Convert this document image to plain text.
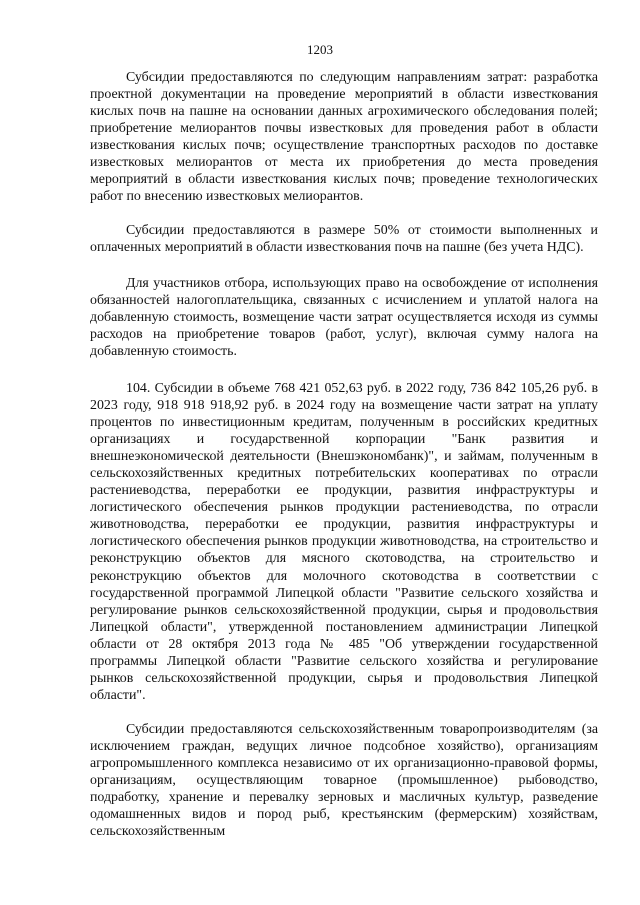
1203

Субсидии предоставляются по следующим направлениям затрат: разработка проектной документации на проведение мероприятий в области известкования кислых почв на пашне на основании данных агрохимического обследования полей; приобретение мелиорантов почвы известковых для проведения работ в области известкования кислых почв; осуществление транспортных расходов по доставке известковых мелиорантов от места их приобретения до места проведения мероприятий в области известкования кислых почв; проведение технологических работ по внесению известковых мелиорантов.

Субсидии предоставляются в размере 50% от стоимости выполненных и оплаченных мероприятий в области известкования почв на пашне (без учета НДС).

Для участников отбора, использующих право на освобождение от исполнения обязанностей налогоплательщика, связанных с исчислением и уплатой налога на добавленную стоимость, возмещение части затрат осуществляется исходя из суммы расходов на приобретение товаров (работ, услуг), включая сумму налога на добавленную стоимость.

104. Субсидии в объеме 768 421 052,63 руб. в 2022 году, 736 842 105,26 руб. в 2023 году, 918 918 918,92 руб. в 2024 году на возмещение части затрат на уплату процентов по инвестиционным кредитам, полученным в российских кредитных организациях и государственной корпорации "Банк развития и внешнеэкономической деятельности (Внешэкономбанк)", и займам, полученным в сельскохозяйственных кредитных потребительских кооперативах по отрасли растениеводства, переработки ее продукции, развития инфраструктуры и логистического обеспечения рынков продукции растениеводства, по отрасли животноводства, переработки ее продукции, развития инфраструктуры и логистического обеспечения рынков продукции животноводства, на строительство и реконструкцию объектов для мясного скотоводства, на строительство и реконструкцию объектов для молочного скотоводства в соответствии с государственной программой Липецкой области "Развитие сельского хозяйства и регулирование рынков сельскохозяйственной продукции, сырья и продовольствия Липецкой области", утвержденной постановлением администрации Липецкой области от 28 октября 2013 года № 485 "Об утверждении государственной программы Липецкой области "Развитие сельского хозяйства и регулирование рынков сельскохозяйственной продукции, сырья и продовольствия Липецкой области".

Субсидии предоставляются сельскохозяйственным товаропроизводителям (за исключением граждан, ведущих личное подсобное хозяйство), организациям агропромышленного комплекса независимо от их организационно-правовой формы, организациям, осуществляющим товарное (промышленное) рыбоводство, подработку, хранение и перевалку зерновых и масличных культур, разведение одомашненных видов и пород рыб, крестьянским (фермерским) хозяйствам, сельскохозяйственным
